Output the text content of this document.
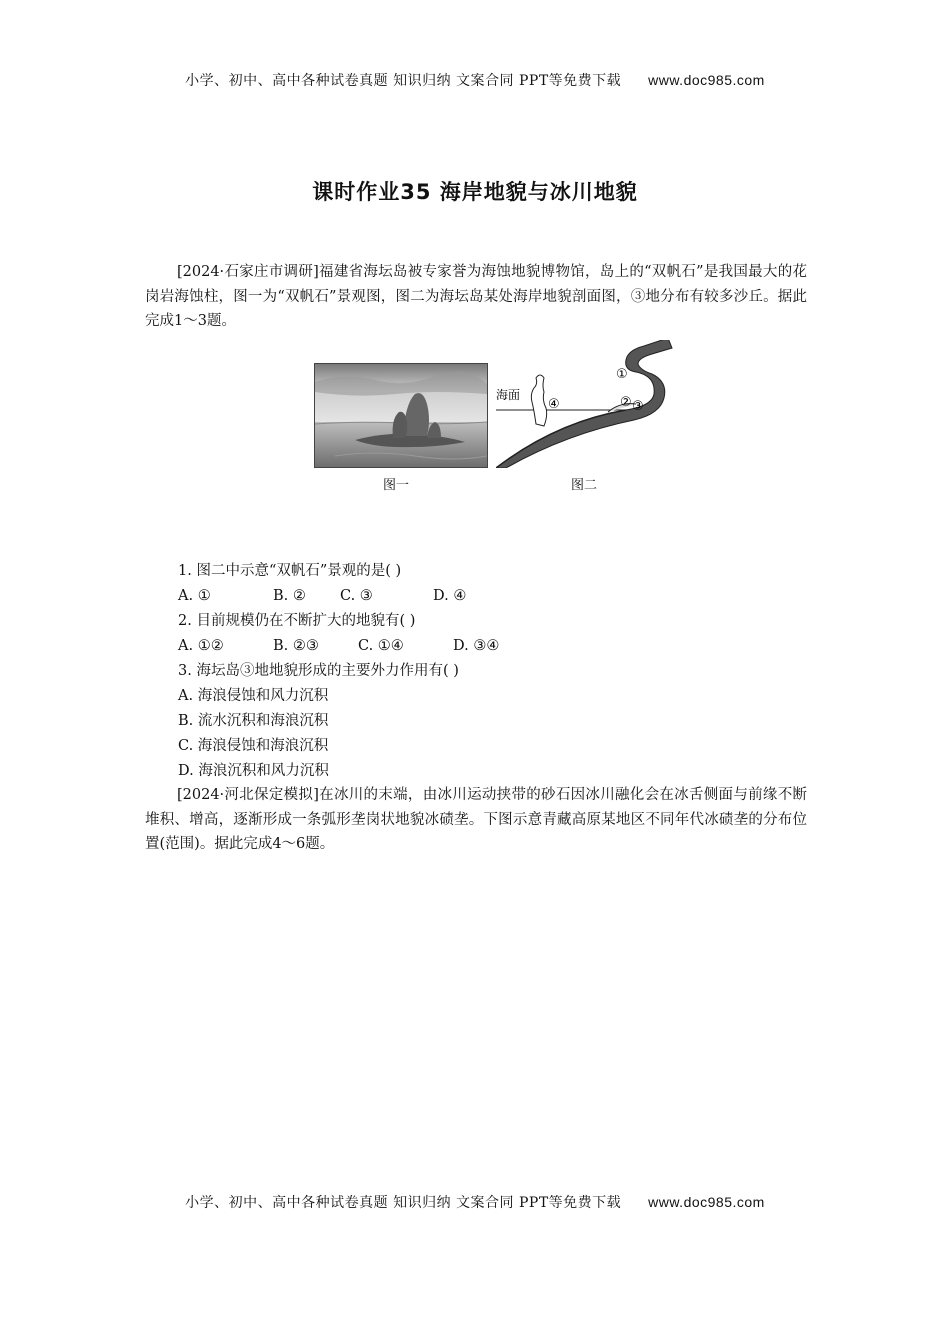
小学、初中、高中各种试卷真题 知识归纳 文案合同 PPT等免费下载 www.doc985.com
课时作业35 海岸地貌与冰川地貌
[2024·石家庄市调研]福建省海坛岛被专家誉为海蚀地貌博物馆，岛上的“双帆石”是我国最大的花岗岩海蚀柱，图一为“双帆石”景观图，图二为海坛岛某处海岸地貌剖面图，③地分布有较多沙丘。据此完成1～3题。
海面
①
② ③
④
图一	图二
1. 图二中示意“双帆石”景观的是( )
A. ①	B. ② C. ③	D. ④
2. 目前规模仍在不断扩大的地貌有( )
A. ①②	B. ②③	C. ①④	D. ③④
3. 海坛岛③地地貌形成的主要外力作用有( )
A. 海浪侵蚀和风力沉积
B. 流水沉积和海浪沉积
C. 海浪侵蚀和海浪沉积
D. 海浪沉积和风力沉积
[2024·河北保定模拟]在冰川的末端，由冰川运动挟带的砂石因冰川融化会在冰舌侧面与前缘不断堆积、增高，逐渐形成一条弧形垄岗状地貌冰碛垄。下图示意青藏高原某地区不同年代冰碛垄的分布位置(范围)。据此完成4～6题。
小学、初中、高中各种试卷真题 知识归纳 文案合同 PPT等免费下载 www.doc985.com
